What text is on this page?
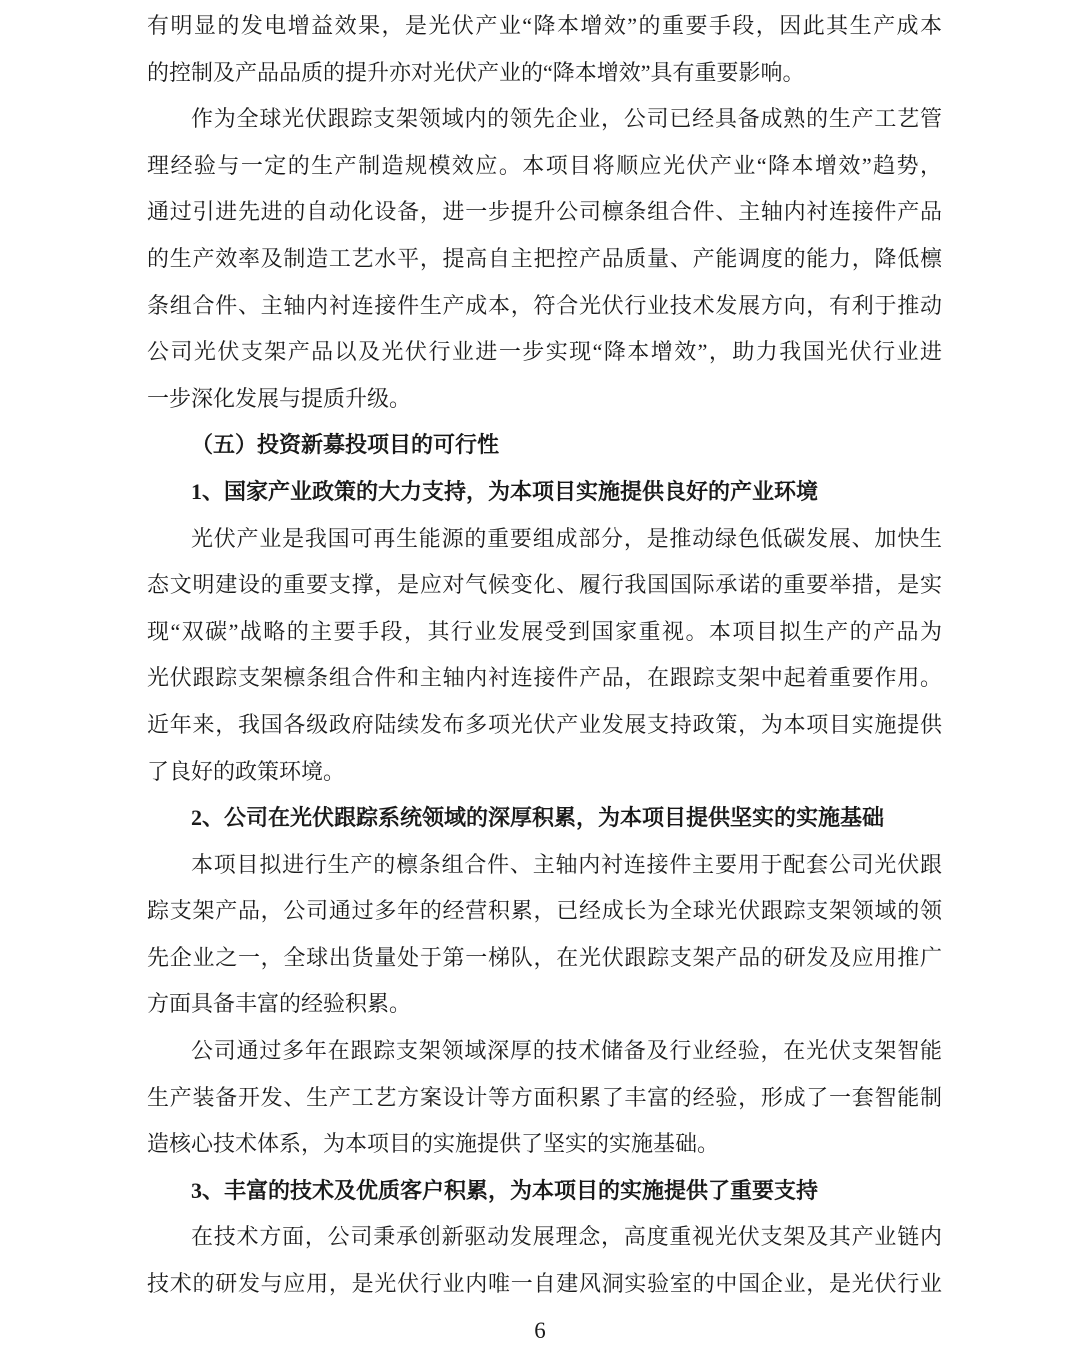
有明显的发电增益效果，是光伏产业“降本增效”的重要手段，因此其生产成本
的控制及产品品质的提升亦对光伏产业的“降本增效”具有重要影响。
作为全球光伏跟踪支架领域内的领先企业，公司已经具备成熟的生产工艺管
理经验与一定的生产制造规模效应。本项目将顺应光伏产业“降本增效”趋势，
通过引进先进的自动化设备，进一步提升公司檩条组合件、主轴内衬连接件产品
的生产效率及制造工艺水平，提高自主把控产品质量、产能调度的能力，降低檩
条组合件、主轴内衬连接件生产成本，符合光伏行业技术发展方向，有利于推动
公司光伏支架产品以及光伏行业进一步实现“降本增效”，助力我国光伏行业进
一步深化发展与提质升级。
（五）投资新募投项目的可行性
1、国家产业政策的大力支持，为本项目实施提供良好的产业环境
光伏产业是我国可再生能源的重要组成部分，是推动绿色低碳发展、加快生
态文明建设的重要支撑，是应对气候变化、履行我国国际承诺的重要举措，是实
现“双碳”战略的主要手段，其行业发展受到国家重视。本项目拟生产的产品为
光伏跟踪支架檩条组合件和主轴内衬连接件产品，在跟踪支架中起着重要作用。
近年来，我国各级政府陆续发布多项光伏产业发展支持政策，为本项目实施提供
了良好的政策环境。
2、公司在光伏跟踪系统领域的深厚积累，为本项目提供坚实的实施基础
本项目拟进行生产的檩条组合件、主轴内衬连接件主要用于配套公司光伏跟
踪支架产品，公司通过多年的经营积累，已经成长为全球光伏跟踪支架领域的领
先企业之一，全球出货量处于第一梯队，在光伏跟踪支架产品的研发及应用推广
方面具备丰富的经验积累。
公司通过多年在跟踪支架领域深厚的技术储备及行业经验，在光伏支架智能
生产装备开发、生产工艺方案设计等方面积累了丰富的经验，形成了一套智能制
造核心技术体系，为本项目的实施提供了坚实的实施基础。
3、丰富的技术及优质客户积累，为本项目的实施提供了重要支持
在技术方面，公司秉承创新驱动发展理念，高度重视光伏支架及其产业链内
技术的研发与应用，是光伏行业内唯一自建风洞实验室的中国企业，是光伏行业
6
